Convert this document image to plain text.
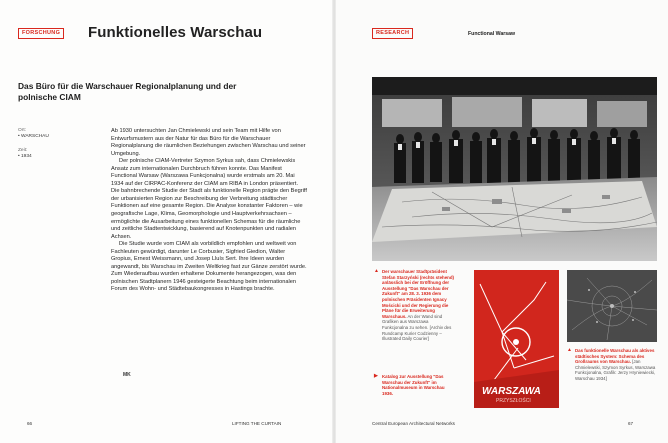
FORSCHUNG Funktionelles Warschau
Das Büro für die Warschauer Regionalplanung und der polnische CIAM
Ort:
• WARSCHAU
Zeit:
• 1934

Ab 1930 untersuchten Jan Chmielewski und sein Team mit Hilfe von Entwurfsmustern aus der Natur für das Büro für die Warschauer Regionalplanung die räumlichen Beziehungen zwischen Warschau und seiner Umgebung.

Der polnische CIAM-Vertreter Szymon Syrkus sah, dass Chmielewskis Ansatz zum internationalen Durchbruch führen konnte. Das Manifest Functional Warsaw (Warszawa Funkcjonalna) wurde erstmals am 20. Mai 1934 auf der CIRPAC-Konferenz der CIAM am RIBA in London präsentiert. Die bahnbrechende Studie der Stadt als funktionelle Region prägte den Begriff der urbanisierten Region zur Beschreibung der Verbreitung städtischer Funktionen auf eine gesamte Region. Die Analyse konstanter Faktoren – wie geografische Lage, Klima, Geomorphologie und Hauptverkehrsachsen – ermöglichte die Ausarbeitung eines funktionellen Schemas für die räumliche und zeitliche Stadtentwicklung, basierend auf Knotenpunkten und radialen Achsen.

Die Studie wurde vom CIAM als vorbildlich empfohlen und weltweit von Fachleuten gewürdigt, darunter Le Corbusier, Sigfried Giedion, Walter Gropius, Ernest Weissmann, und Josep Lluís Sert. Ihre Ideen wurden angewandt, bis Warschau im Zweiten Weltkrieg fast zur Gänze zerstört wurde. Zum Wiederaufbau wurden erhaltene Dokumente herangezogen, was den polnischen Stadtplanern 1946 gesteigerte Beachtung beim internationalen Forum des Wohn- und Städtebaukongresses in Hastings brachte.

MK
66	LIFTING THE CURTAIN
RESEARCH	Functional Warsaw
▲ Der warschauer Stadtpräsident Stefan Starzyński (rechts stehend) anlässlich bei der Eröffnung der Ausstellung "Das Warschau der Zukunft" am 28. 3. 1936 dem polnischen Präsidenten Ignacy Mościcki und der Regierung die Pläne für die Erweiterung Warschaus. An der Wand sind Grafiken aus Warszawa Funkcjonalna zu sehen. [Archiv des Rundcamp Kurier Codzienny – Illustrated Daily Courier]
▶ Katalog zur Ausstellung "Das Warschau der Zukunft" im Nationalmuseum in Warschau 1936.	WARSZAWA
PRZYSZŁOŚCI
▲ Das funktionelle Warschau als aktives städtisches System: Schema des Großraums von Warschau. [Jan Chmielewski, Szymon Syrkus, Warszawa Funkcjonalna, Grafik: Jerzy Hryniewiecki, Warschau 1934]
Central European Architectural Networks	67
